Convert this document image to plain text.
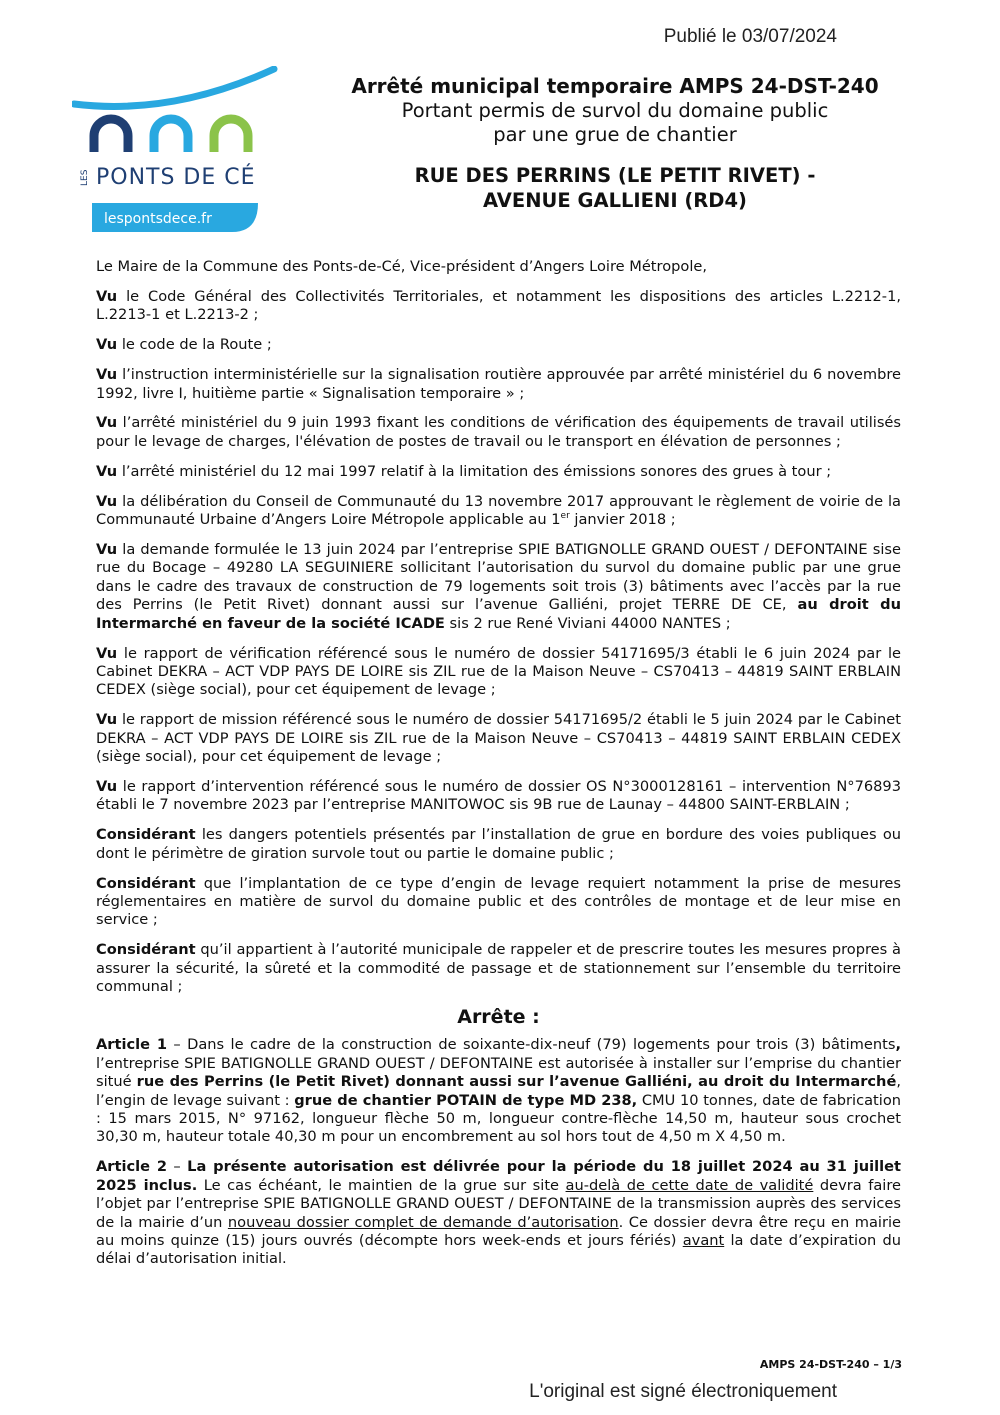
Publié le 03/07/2024
LES PONTS DE CÉ
lespontsdece.fr
Arrêté municipal temporaire AMPS 24-DST-240
Portant permis de survol du domaine public
par une grue de chantier
RUE DES PERRINS (LE PETIT RIVET) -
AVENUE GALLIENI (RD4)

Le Maire de la Commune des Ponts-de-Cé, Vice-président d’Angers Loire Métropole,

Vu le Code Général des Collectivités Territoriales, et notamment les dispositions des articles L.2212-1, L.2213-1 et L.2213-2 ;

Vu le code de la Route ;

Vu l’instruction interministérielle sur la signalisation routière approuvée par arrêté ministériel du 6 novembre 1992, livre I, huitième partie « Signalisation temporaire » ;

Vu l’arrêté ministériel du 9 juin 1993 fixant les conditions de vérification des équipements de travail utilisés pour le levage de charges, l'élévation de postes de travail ou le transport en élévation de personnes ;

Vu l’arrêté ministériel du 12 mai 1997 relatif à la limitation des émissions sonores des grues à tour ;

Vu la délibération du Conseil de Communauté du 13 novembre 2017 approuvant le règlement de voirie de la Communauté Urbaine d’Angers Loire Métropole applicable au 1er janvier 2018 ;

Vu la demande formulée le 13 juin 2024 par l’entreprise SPIE BATIGNOLLE GRAND OUEST / DEFONTAINE sise rue du Bocage – 49280 LA SEGUINIERE sollicitant l’autorisation du survol du domaine public par une grue dans le cadre des travaux de construction de 79 logements soit trois (3) bâtiments avec l’accès par la rue des Perrins (le Petit Rivet) donnant aussi sur l’avenue Galliéni, projet TERRE DE CE, au droit du Intermarché en faveur de la société ICADE sis 2 rue René Viviani 44000 NANTES ;

Vu le rapport de vérification référencé sous le numéro de dossier 54171695/3 établi le 6 juin 2024 par le Cabinet DEKRA – ACT VDP PAYS DE LOIRE sis ZIL rue de la Maison Neuve – CS70413 – 44819 SAINT ERBLAIN CEDEX (siège social), pour cet équipement de levage ;

Vu le rapport de mission référencé sous le numéro de dossier 54171695/2 établi le 5 juin 2024 par le Cabinet DEKRA – ACT VDP PAYS DE LOIRE sis ZIL rue de la Maison Neuve – CS70413 – 44819 SAINT ERBLAIN CEDEX (siège social), pour cet équipement de levage ;

Vu le rapport d’intervention référencé sous le numéro de dossier OS N°3000128161 – intervention N°76893 établi le 7 novembre 2023 par l’entreprise MANITOWOC sis 9B rue de Launay – 44800 SAINT-ERBLAIN ;

Considérant les dangers potentiels présentés par l’installation de grue en bordure des voies publiques ou dont le périmètre de giration survole tout ou partie le domaine public ;

Considérant que l’implantation de ce type d’engin de levage requiert notamment la prise de mesures réglementaires en matière de survol du domaine public et des contrôles de montage et de leur mise en service ;

Considérant qu’il appartient à l’autorité municipale de rappeler et de prescrire toutes les mesures propres à assurer la sécurité, la sûreté et la commodité de passage et de stationnement sur l’ensemble du territoire communal ;

Arrête :

Article 1 – Dans le cadre de la construction de soixante-dix-neuf (79) logements pour trois (3) bâtiments, l’entreprise SPIE BATIGNOLLE GRAND OUEST / DEFONTAINE est autorisée à installer sur l’emprise du chantier situé rue des Perrins (le Petit Rivet) donnant aussi sur l’avenue Galliéni, au droit du Intermarché, l’engin de levage suivant : grue de chantier POTAIN de type MD 238, CMU 10 tonnes, date de fabrication : 15 mars 2015, N° 97162, longueur flèche 50 m, longueur contre-flèche 14,50 m, hauteur sous crochet 30,30 m, hauteur totale 40,30 m pour un encombrement au sol hors tout de 4,50 m X 4,50 m.

Article 2 – La présente autorisation est délivrée pour la période du 18 juillet 2024 au 31 juillet 2025 inclus. Le cas échéant, le maintien de la grue sur site au-delà de cette date de validité devra faire l’objet par l’entreprise SPIE BATIGNOLLE GRAND OUEST / DEFONTAINE de la transmission auprès des services de la mairie d’un nouveau dossier complet de demande d’autorisation. Ce dossier devra être reçu en mairie au moins quinze (15) jours ouvrés (décompte hors week-ends et jours fériés) avant la date d’expiration du délai d’autorisation initial.

AMPS 24-DST-240 – 1/3
L'original est signé électroniquement
